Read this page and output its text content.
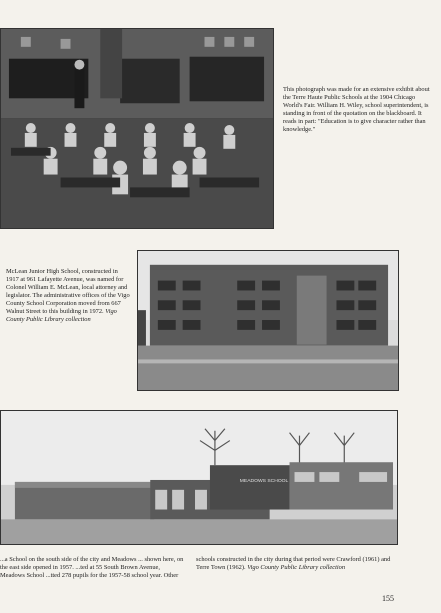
This photograph was made for an extensive exhibit about the Terre Haute Public Schools at the 1904 Chicago World's Fair. William H. Wiley, school superintendent, is standing in front of the quotation on the blackboard. It reads in part: "Education is to give character rather than knowledge."
McLean Junior High School, constructed in 1917 at 961 Lafayette Avenue, was named for Colonel William E. McLean, local attorney and legislator. The administrative offices of the Vigo County School Corporation moved from 667 Walnut Street to this building in 1972. Vigo County Public Library collection
MEADOWS SCHOOL
...a School on the south side of the city and Meadows ... shown here, on the east side opened in 1957. ...ted at 55 South Brown Avenue, Meadows School ...tted 278 pupils for the 1957-58 school year. Other
schools constructed in the city during that period were Crawford (1961) and Terre Town (1962). Vigo County Public Library collection
155
